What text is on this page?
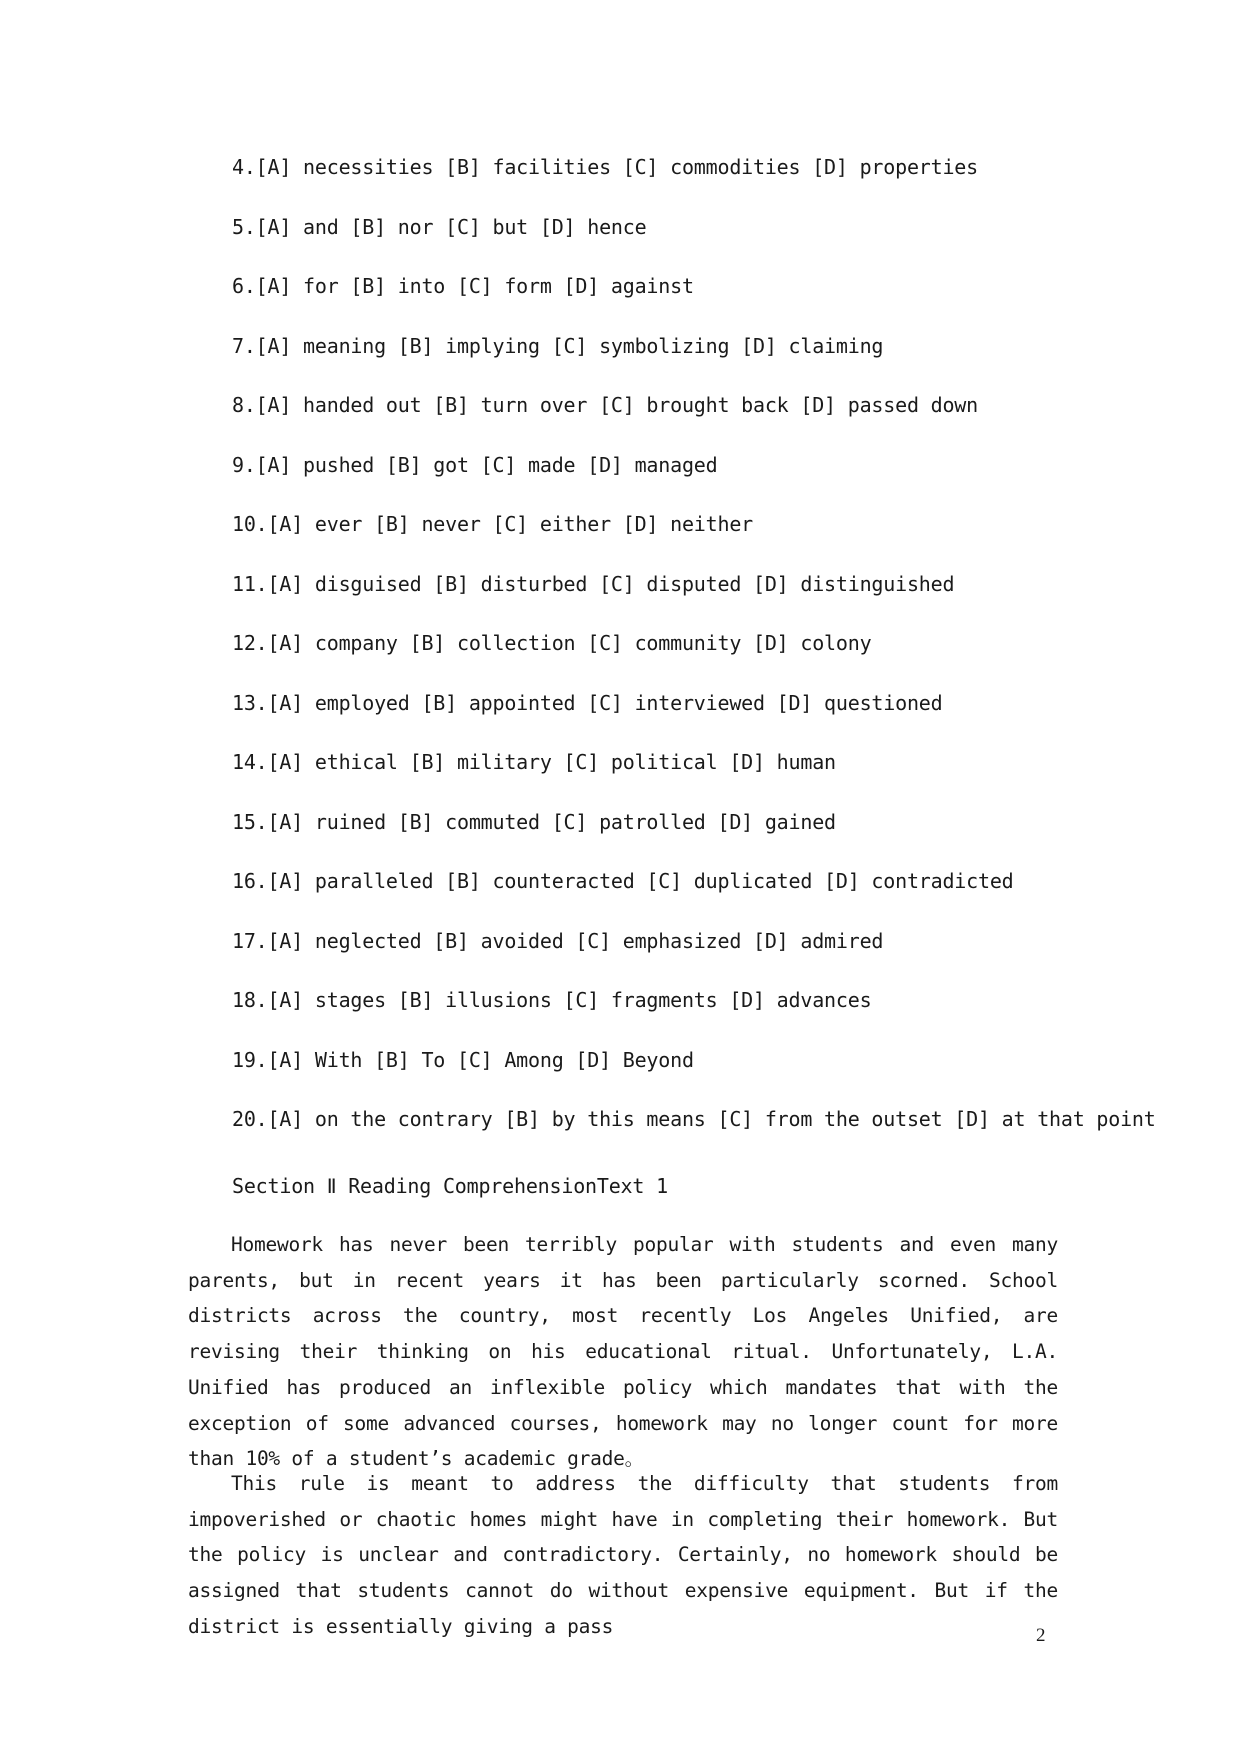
4.[A] necessities [B] facilities [C] commodities [D] properties
5.[A] and [B] nor [C] but [D] hence
6.[A] for [B] into [C] form [D] against
7.[A] meaning [B] implying [C] symbolizing [D] claiming
8.[A] handed out [B] turn over [C] brought back [D] passed down
9.[A] pushed [B] got [C] made [D] managed
10.[A] ever [B] never [C] either [D] neither
11.[A] disguised [B] disturbed [C] disputed [D] distinguished
12.[A] company [B] collection [C] community [D] colony
13.[A] employed [B] appointed [C] interviewed [D] questioned
14.[A] ethical [B] military [C] political [D] human
15.[A] ruined [B] commuted [C] patrolled [D] gained
16.[A] paralleled [B] counteracted [C] duplicated [D] contradicted
17.[A] neglected [B] avoided [C] emphasized [D] admired
18.[A] stages [B] illusions [C] fragments [D] advances
19.[A] With [B] To [C] Among [D] Beyond
20.[A] on the contrary [B] by this means [C] from the outset [D] at that point
Section Ⅱ Reading ComprehensionText 1

Homework has never been terribly popular with students and even many parents, but in recent years it has been particularly scorned. School districts across the country, most recently Los Angeles Unified, are revising their thinking on his educational ritual. Unfortunately, L.A. Unified has produced an inflexible policy which mandates that with the exception of some advanced courses, homework may no longer count for more than 10% of a student’s academic grade。

This rule is meant to address the difficulty that students from impoverished or chaotic homes might have in completing their homework. But the policy is unclear and contradictory. Certainly, no homework should be assigned that students cannot do without expensive equipment. But if the district is essentially giving a pass	2
